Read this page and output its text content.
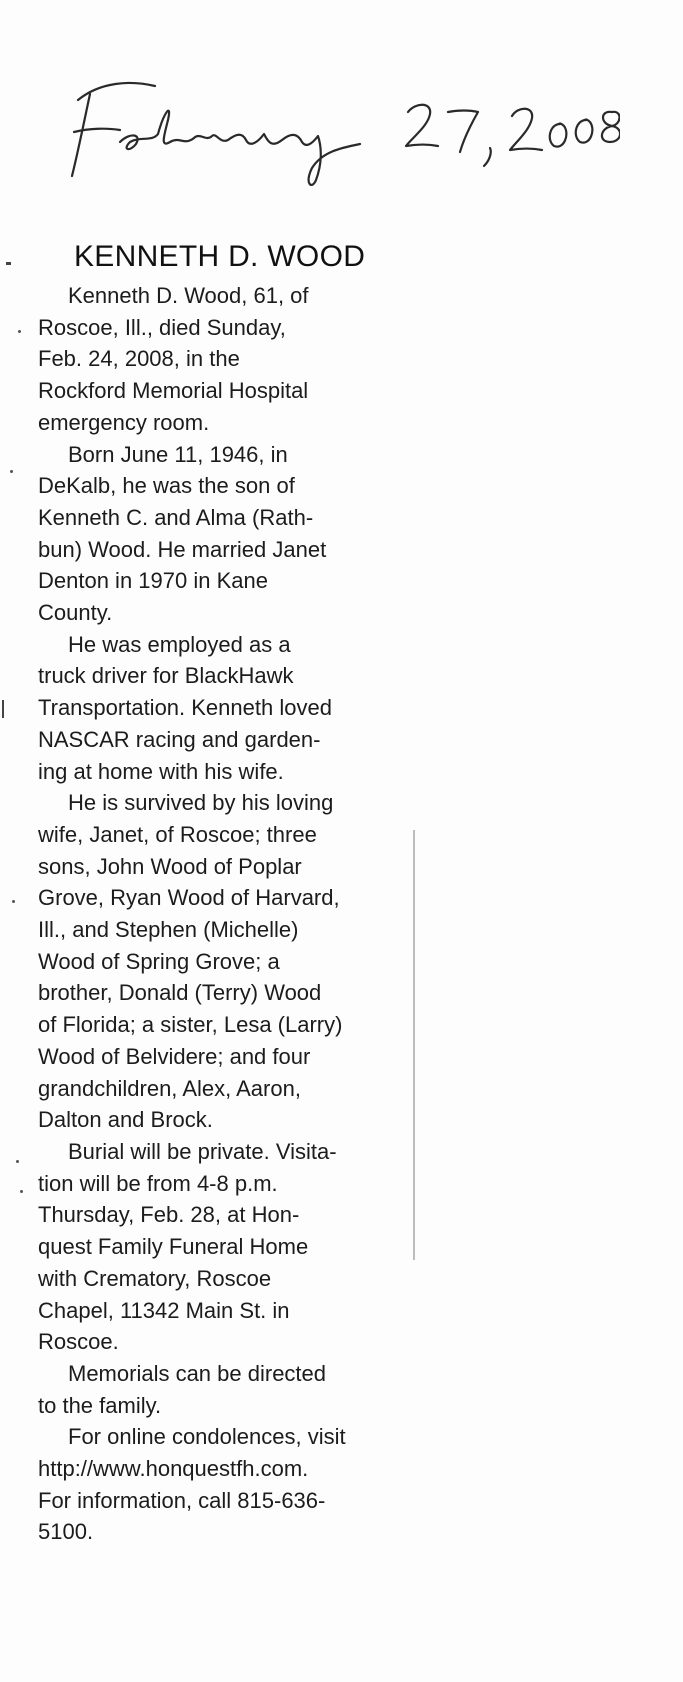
KENNETH D. WOOD
Kenneth D. Wood, 61, of
Roscoe, Ill., died Sunday,
Feb. 24, 2008, in the
Rockford Memorial Hospital
emergency room.
Born June 11, 1946, in
DeKalb, he was the son of
Kenneth C. and Alma (Rath-
bun) Wood. He married Janet
Denton in 1970 in Kane
County.
He was employed as a
truck driver for BlackHawk
Transportation. Kenneth loved
NASCAR racing and garden-
ing at home with his wife.
He is survived by his loving
wife, Janet, of Roscoe; three
sons, John Wood of Poplar
Grove, Ryan Wood of Harvard,
Ill., and Stephen (Michelle)
Wood of Spring Grove; a
brother, Donald (Terry) Wood
of Florida; a sister, Lesa (Larry)
Wood of Belvidere; and four
grandchildren, Alex, Aaron,
Dalton and Brock.
Burial will be private. Visita-
tion will be from 4-8 p.m.
Thursday, Feb. 28, at Hon-
quest Family Funeral Home
with Crematory, Roscoe
Chapel, 11342 Main St. in
Roscoe.
Memorials can be directed
to the family.
For online condolences, visit
http://www.honquestfh.com.
For information, call 815-636-
5100.
